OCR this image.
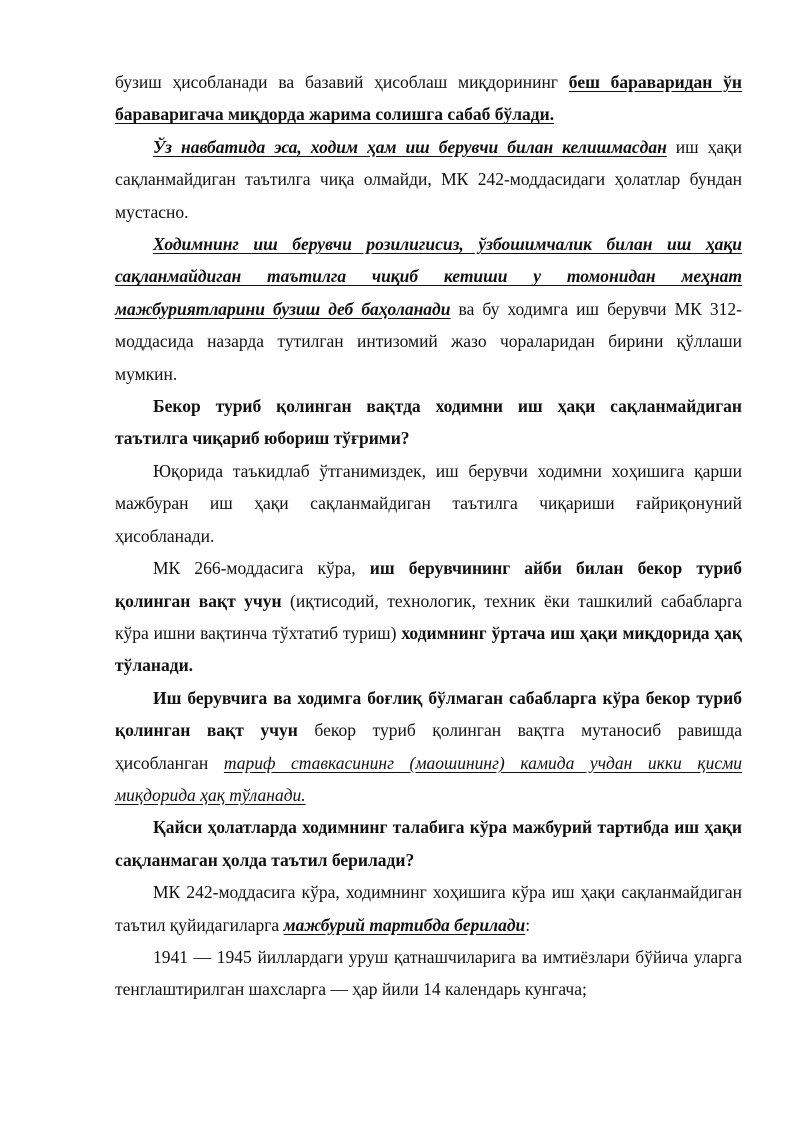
бузиш ҳисобланади ва базавий ҳисоблаш миқдорининг беш бараваридан ўн бараваригача миқдорда жарима солишга сабаб бўлади.

Ўз навбатида эса, ходим ҳам иш берувчи билан келишмасдан иш ҳақи сақланмайдиган таътилга чиқа олмайди, МК 242-моддасидаги ҳолатлар бундан мустасно.

Ходимнинг иш берувчи розилигисиз, ўзбошимчалик билан иш ҳақи сақланмайдиган таътилга чиқиб кетиши у томонидан меҳнат мажбуриятларини бузиш деб баҳоланади ва бу ходимга иш берувчи МК 312-моддасида назарда тутилган интизомий жазо чораларидан бирини қўллаши мумкин.

Бекор туриб қолинган вақтда ходимни иш ҳақи сақланмайдиган таътилга чиқариб юбориш тўғрими?

Юқорида таъкидлаб ўтганимиздек, иш берувчи ходимни хоҳишига қарши мажбуран иш ҳақи сақланмайдиган таътилга чиқариши ғайриқонуний ҳисобланади.

МК 266-моддасига кўра, иш берувчининг айби билан бекор туриб қолинган вақт учун (иқтисодий, технологик, техник ёки ташкилий сабабларга кўра ишни вақтинча тўхтатиб туриш) ходимнинг ўртача иш ҳақи миқдорида ҳақ тўланади.

Иш берувчига ва ходимга боғлиқ бўлмаган сабабларга кўра бекор туриб қолинган вақт учун бекор туриб қолинган вақтга мутаносиб равишда ҳисобланган тариф ставкасининг (маошининг) камида учдан икки қисми миқдорида ҳақ тўланади.

Қайси ҳолатларда ходимнинг талабига кўра мажбурий тартибда иш ҳақи сақланмаган ҳолда таътил берилади?

МК 242-моддасига кўра, ходимнинг хоҳишига кўра иш ҳақи сақланмайдиган таътил қуйидагиларга мажбурий тартибда берилади:

1941 — 1945 йиллардаги уруш қатнашчиларига ва имтиёзлари бўйича уларга тенглаштирилган шахсларга — ҳар йили 14 календарь кунгача;
